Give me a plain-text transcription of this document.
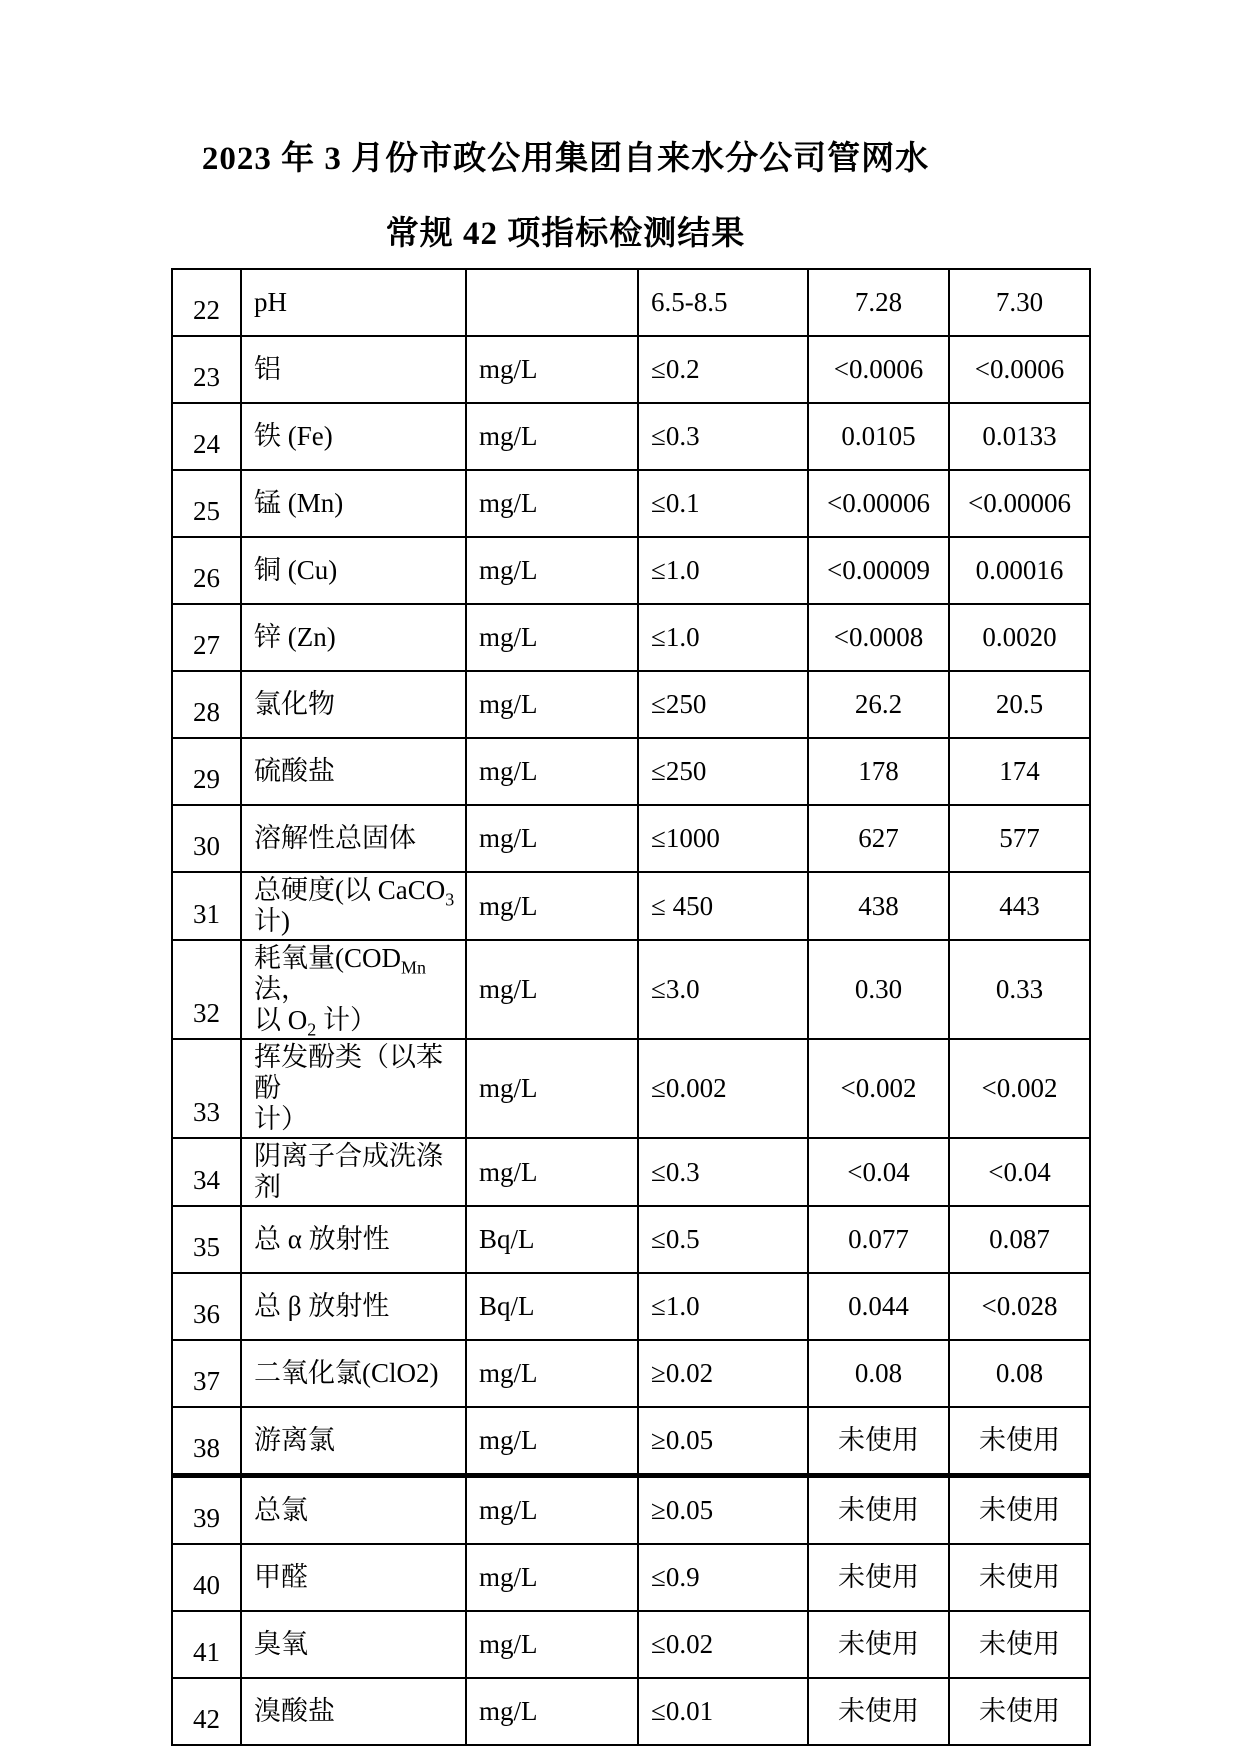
2023 年 3 月份市政公用集团自来水分公司管网水
常规 42 项指标检测结果
22	pH		6.5-8.5	7.28	7.30
23	铝	mg/L	≤0.2	<0.0006	<0.0006
24	铁 (Fe)	mg/L	≤0.3	0.0105	0.0133
25	锰 (Mn)	mg/L	≤0.1	<0.00006	<0.00006
26	铜 (Cu)	mg/L	≤1.0	<0.00009	0.00016
27	锌 (Zn)	mg/L	≤1.0	<0.0008	0.0020
28	氯化物	mg/L	≤250	26.2	20.5
29	硫酸盐	mg/L	≤250	178	174
30	溶解性总固体	mg/L	≤1000	627	577
31	总硬度(以 CaCO$_3$
计)	mg/L	≤ 450	438	443
32	耗氧量($COD_{Mn}$法，
以 $O_2$ 计）	mg/L	≤3.0	0.30	0.33
33	挥发酚类（以苯酚
计）	mg/L	≤0.002	<0.002	<0.002
34	阴离子合成洗涤剂	mg/L	≤0.3	<0.04	<0.04
35	总 α 放射性	Bq/L	≤0.5	0.077	0.087
36	总 β 放射性	Bq/L	≤1.0	0.044	<0.028
37	二氧化氯(ClO2)	mg/L	≥0.02	0.08	0.08
38	游离氯	mg/L	≥0.05	未使用	未使用
39	总氯	mg/L	≥0.05	未使用	未使用
40	甲醛	mg/L	≤0.9	未使用	未使用
41	臭氧	mg/L	≤0.02	未使用	未使用
42	溴酸盐	mg/L	≤0.01	未使用	未使用
